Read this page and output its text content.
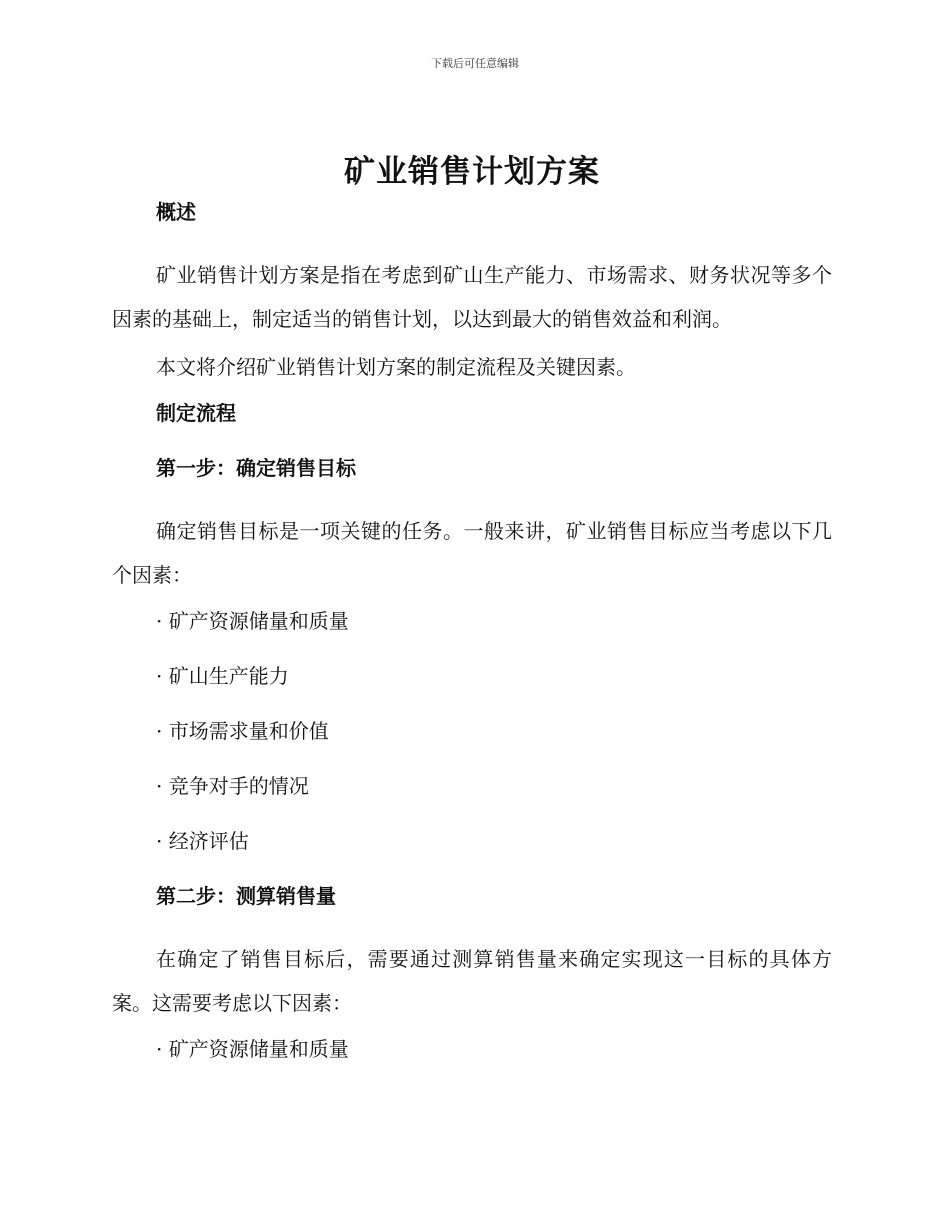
下载后可任意编辑
矿业销售计划方案
概述

矿业销售计划方案是指在考虑到矿山生产能力、市场需求、财务状况等多个因素的基础上，制定适当的销售计划，以达到最大的销售效益和利润。

本文将介绍矿业销售计划方案的制定流程及关键因素。

制定流程
第一步：确定销售目标

确定销售目标是一项关键的任务。一般来讲，矿业销售目标应当考虑以下几个因素：

· 矿产资源储量和质量
· 矿山生产能力
· 市场需求量和价值
· 竞争对手的情况
· 经济评估
第二步：测算销售量

在确定了销售目标后，需要通过测算销售量来确定实现这一目标的具体方案。这需要考虑以下因素：

· 矿产资源储量和质量
